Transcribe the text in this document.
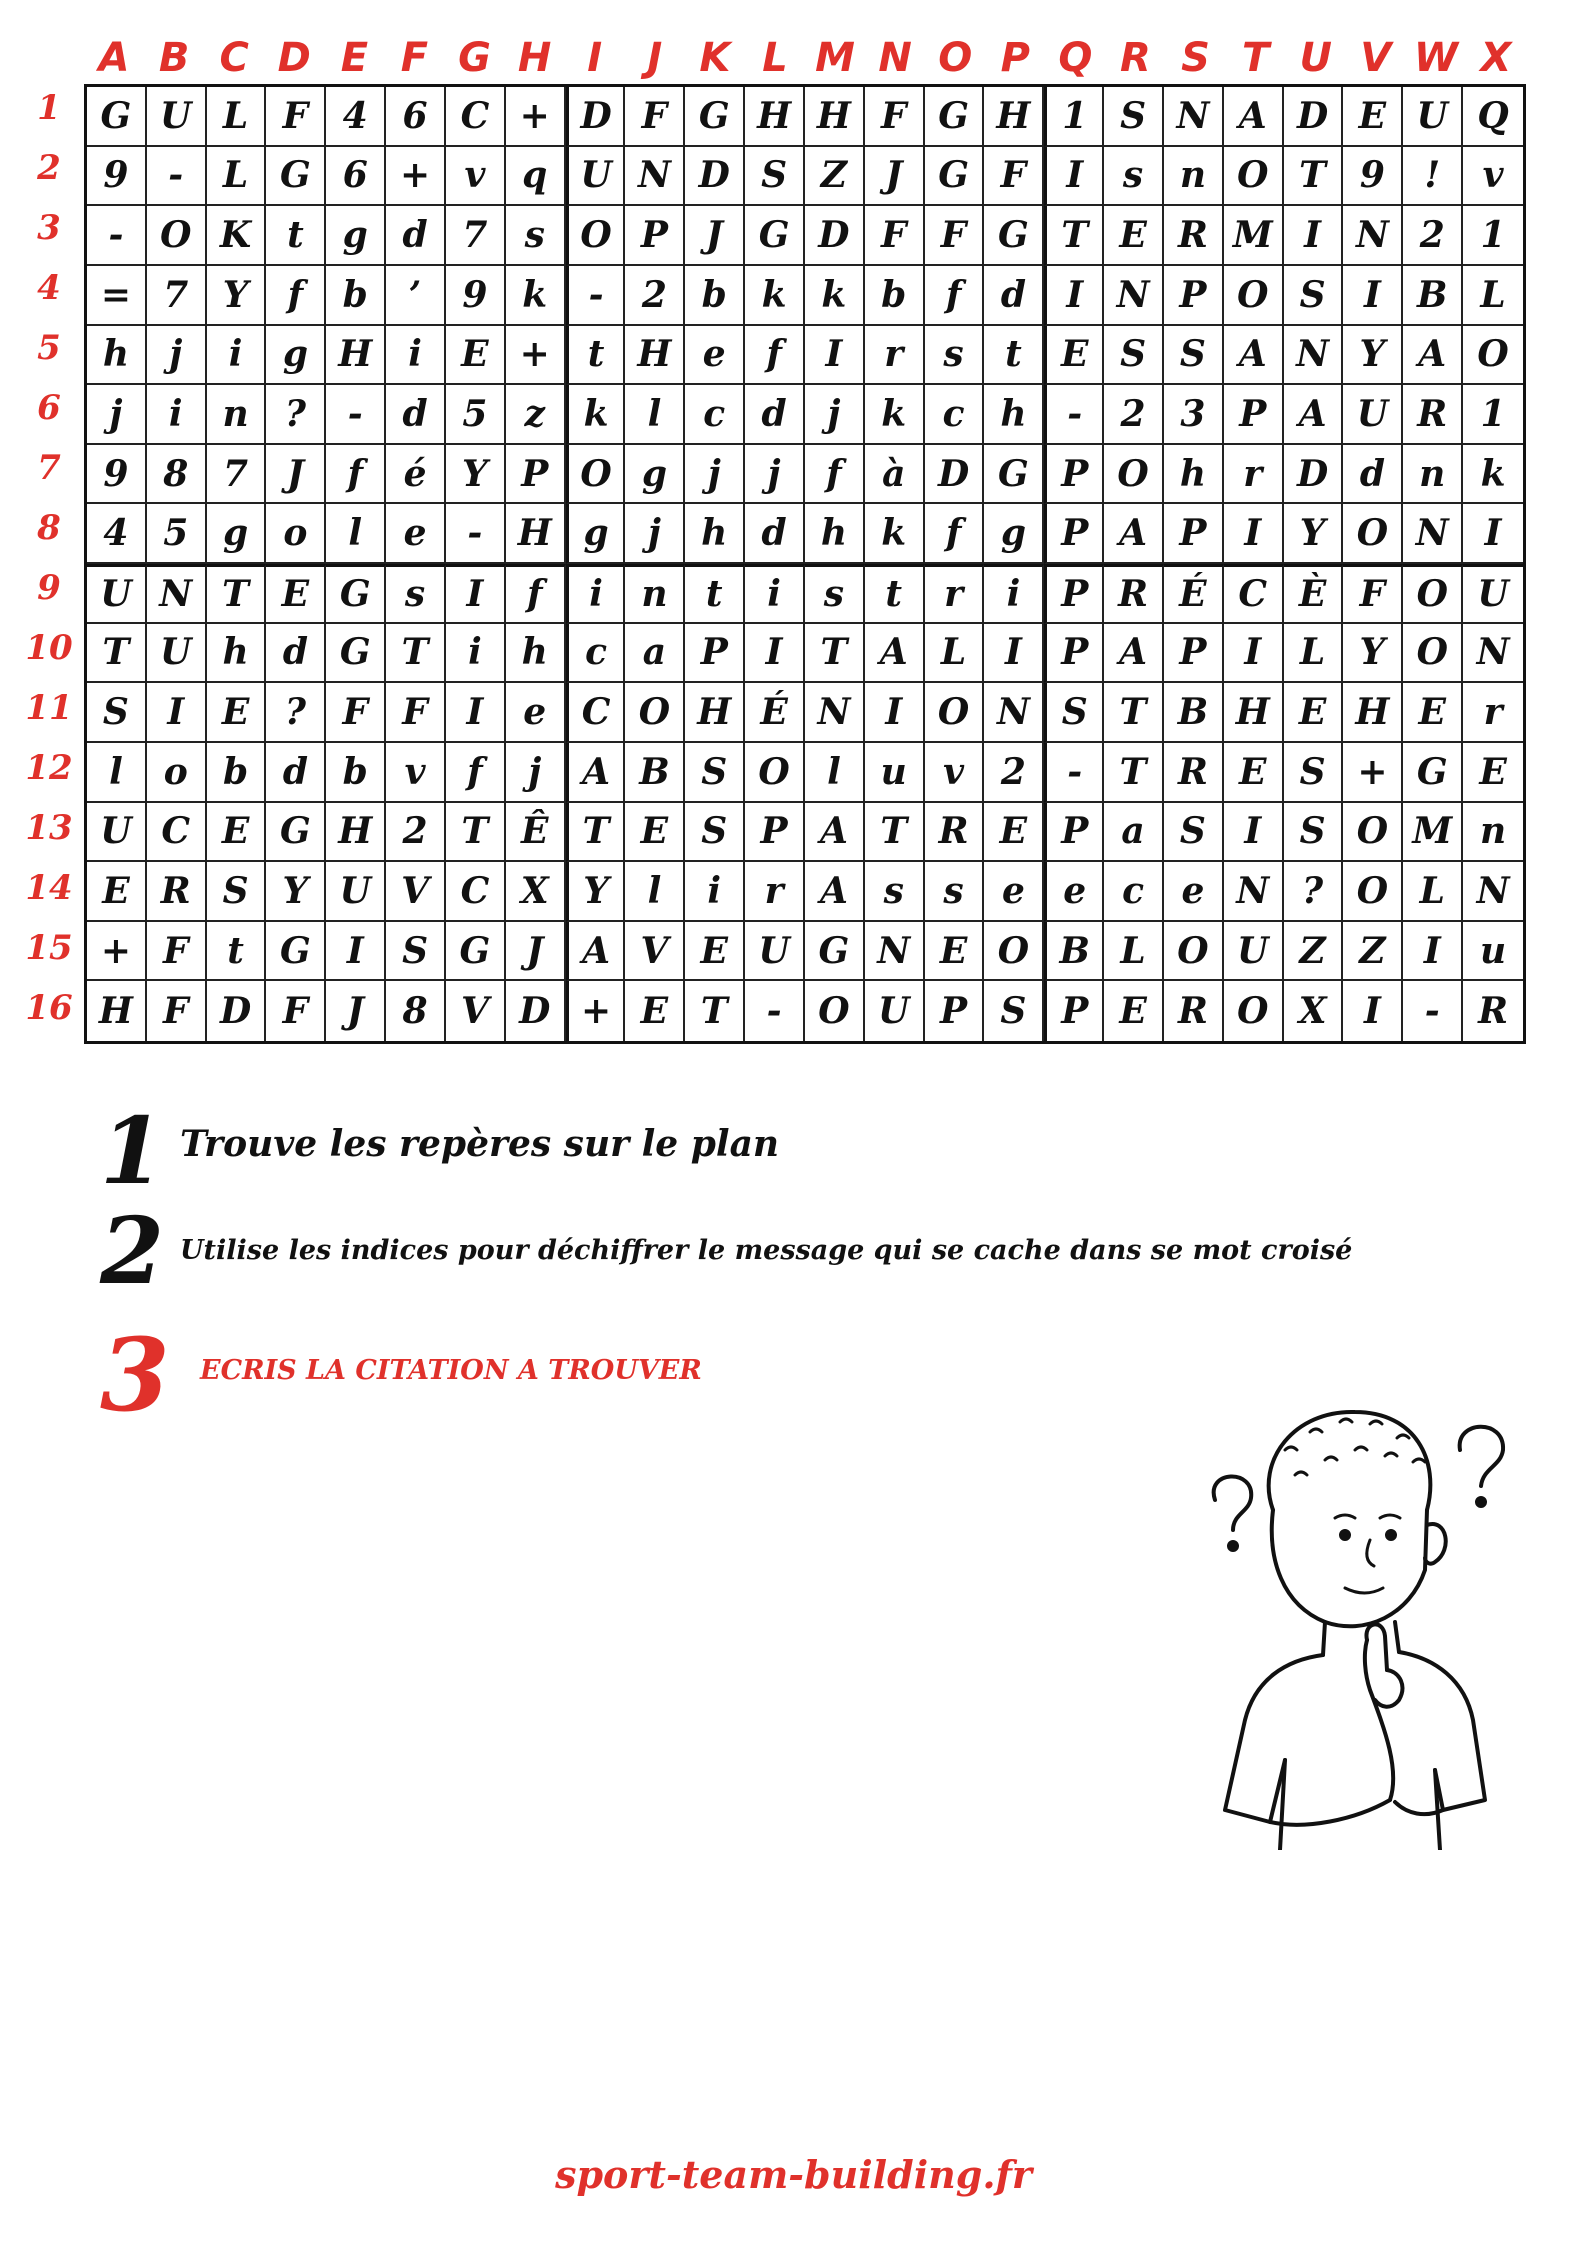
A B C D E F G H I	J K L M N O P Q R S T U V W X
1
2
3
4
5
6
7
8
9
10
11
12
13
14
15
16
G U L F 4 6 C + D F G H H F G H 1 S N A D E U Q
9	-	L G 6 + v	q U N D S Z	J G F	I	s	n O T 9	!	v
-	O K t	g d 7	s O P	J G D F F G T E R M I N 2 1
= 7 Y	f	b	’	9 k	-	2 b k k b	f	d	I N P O S	I	B L
h	j	i	g H i	E +	t H e	f	I	r	s	t	E S S A N Y A O
j	i	n	?	-	d 5	z	k	l	c	d	j	k	c h	-	2 3 P A U R 1
9 8 7	J	f	é Y P O g	j	j	f	à D G P O h	r D d n k
4 5 g o	l	e	- H g	j	h d h k	f	g P A P	I	Y O N I
U N T E G s	I	f	i	n	t	i	s	t	r	i	P R É C È F O U
T U h d G T	i	h	c a P	I	T A L	I	P A P	I	L Y O N
S	I	E ?	F F	I	e C O H É N I O N S T B H E H E	r
l	o b d b	v	f	j	A B S O	l	u	v	2	-	T R E S + G E
U C E G H 2 T Ê T E S P A T R E P a S	I	S O M n
E R S Y U V C X Y	l	i	r	A s	s	e	e c	e N ? O L N
+ F	t	G	I	S G J	A V E U G N E O B L O U Z Z	I	u
H F D F	J	8 V D + E T	-	O U P S P E R O X	I	-	R
1 Trouve les repères sur le plan
2 Utilise les indices pour déchiffrer le message qui se cache dans se mot croisé
3 ECRIS LA CITATION A TROUVER
sport-team-building.fr
